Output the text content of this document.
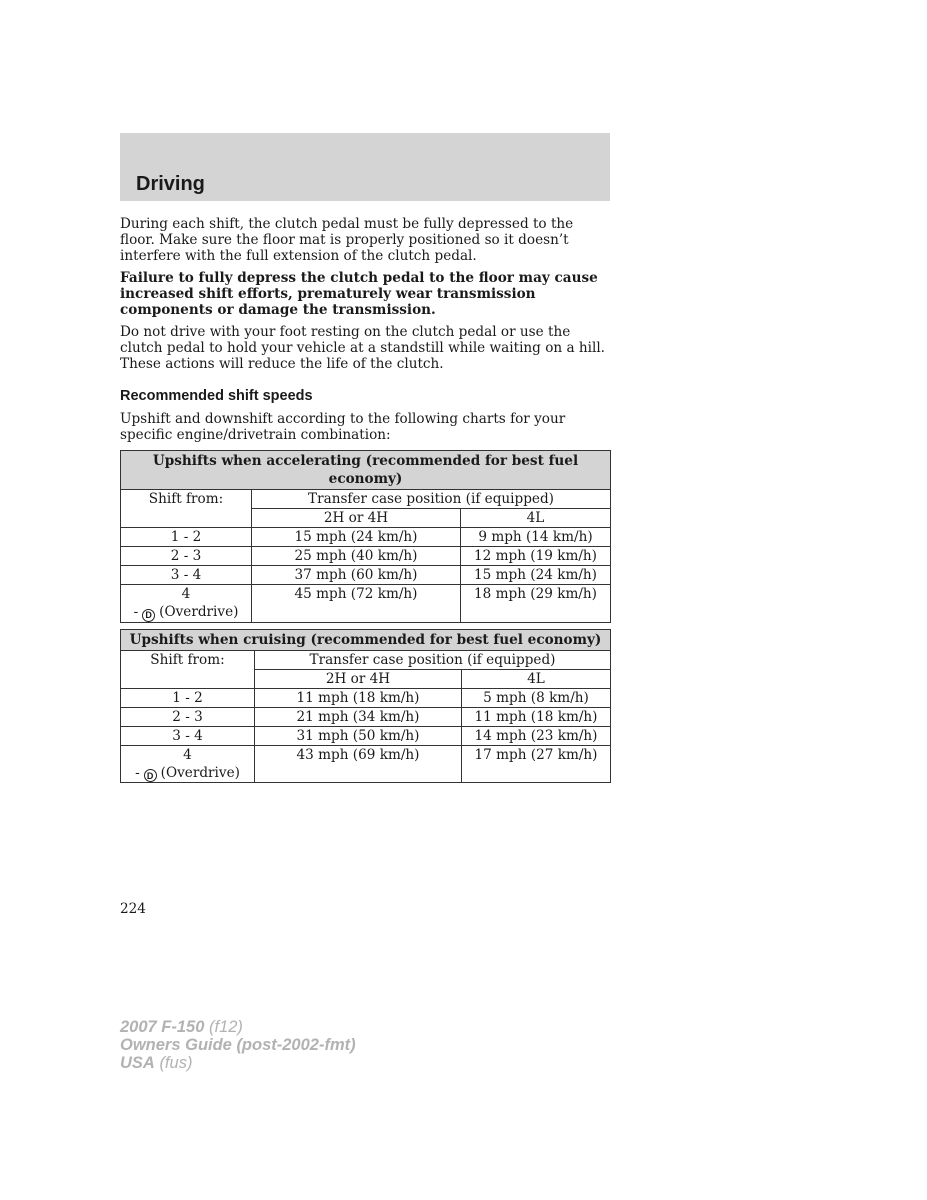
Driving

During each shift, the clutch pedal must be fully depressed to the floor. Make sure the floor mat is properly positioned so it doesn’t interfere with the full extension of the clutch pedal.

Failure to fully depress the clutch pedal to the floor may cause increased shift efforts, prematurely wear transmission components or damage the transmission.

Do not drive with your foot resting on the clutch pedal or use the clutch pedal to hold your vehicle at a standstill while waiting on a hill. These actions will reduce the life of the clutch.

Recommended shift speeds

Upshift and downshift according to the following charts for your specific engine/drivetrain combination:

Upshifts when accelerating (recommended for best fuel economy)		
Shift from:	Transfer case position (if equipped)	
	2H or 4H	4L
1 - 2	15 mph (24 km/h)	9 mph (14 km/h)
2 - 3	25 mph (40 km/h)	12 mph (19 km/h)
3 - 4	37 mph (60 km/h)	15 mph (24 km/h)
4
- D (Overdrive)	45 mph (72 km/h)	18 mph (29 km/h)
Upshifts when cruising (recommended for best fuel economy)		
Shift from:	Transfer case position (if equipped)	
	2H or 4H	4L
1 - 2	11 mph (18 km/h)	5 mph (8 km/h)
2 - 3	21 mph (34 km/h)	11 mph (18 km/h)
3 - 4	31 mph (50 km/h)	14 mph (23 km/h)
4
- D (Overdrive)	43 mph (69 km/h)	17 mph (27 km/h)
224
2007 F-150 (f12)
Owners Guide (post-2002-fmt)
USA (fus)
